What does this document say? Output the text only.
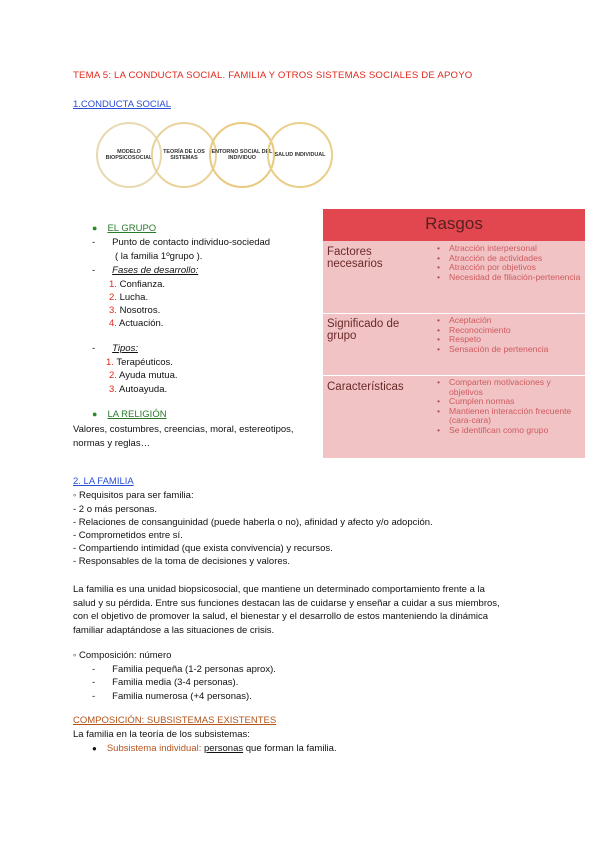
TEMA 5: LA CONDUCTA SOCIAL. FAMILIA Y OTROS SISTEMAS SOCIALES DE APOYO
1.CONDUCTA SOCIAL
MODELO BIOPSICOSOCIAL
TEORÍA DE LOS SISTEMAS
ENTORNO SOCIAL DEL INDIVIDUO
SALUD INDIVIDUAL
● EL GRUPO
- Punto de contacto individuo-sociedad
( la familia 1ºgrupo ).
- Fases de desarrollo:
1. Confianza.
2. Lucha.
3. Nosotros.
4. Actuación.
- Tipos:
1. Terapéuticos.
2. Ayuda mutua.
3. Autoayuda.
● LA RELIGIÓN
Valores, costumbres, creencias, moral, estereotipos,
normas y reglas…
Rasgos
Factores necesarios
• Atracción interpersonal
• Atracción de actividades
• Atracción por objetivos
• Necesidad de filiación-pertenencia
Significado de grupo
• Aceptación
• Reconocimiento
• Respeto
• Sensación de pertenencia
Características
•	Comparten motivaciones y objetivos
• Cumplen normas
• Mantienen interacción frecuente (cara-cara)
• Se identifican como grupo
2. LA FAMILIA
◦ Requisitos para ser familia:
- 2 o más personas.
- Relaciones de consanguinidad (puede haberla o no), afinidad y afecto y/o adopción.
- Comprometidos entre sí.
- Compartiendo intimidad (que exista convivencia) y recursos.
- Responsables de la toma de decisiones y valores.
La familia es una unidad biopsicosocial, que mantiene un determinado comportamiento frente a la
salud y su pérdida. Entre sus funciones destacan las de cuidarse y enseñar a cuidar a sus miembros,
con el objetivo de promover la salud, el bienestar y el desarrollo de estos manteniendo la dinámica
familiar adaptándose a las situaciones de crisis.
◦ Composición: número
- Familia pequeña (1-2 personas aprox).
- Familia media (3-4 personas).
- Familia numerosa (+4 personas).
COMPOSICIÓN: SUBSISTEMAS EXISTENTES
La familia en la teoría de los subsistemas:
● Subsistema individual: personas que forman la familia.
